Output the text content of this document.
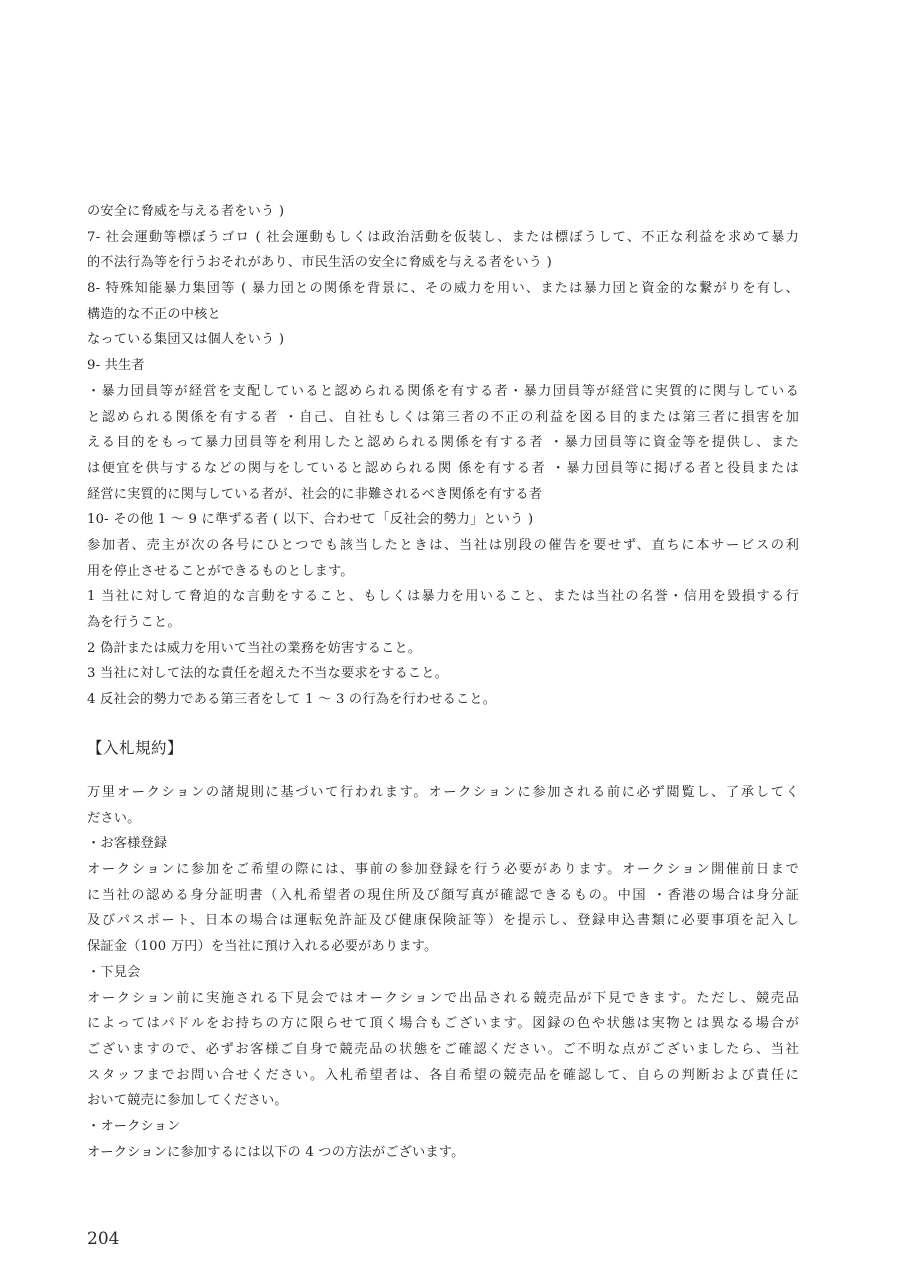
の安全に脅威を与える者をいう )
7- 社会運動等標ぼうゴロ ( 社会運動もしくは政治活動を仮装し、または標ぼうして、不正な利益を求めて暴力
的不法行為等を行うおそれがあり、市民生活の安全に脅威を与える者をいう )
8- 特殊知能暴力集団等 ( 暴力団との関係を背景に、その威力を用い、または暴力団と資金的な繋がりを有し、
構造的な不正の中核と
なっている集団又は個人をいう )
9- 共生者
・暴力団員等が経営を支配していると認められる関係を有する者・暴力団員等が経営に実質的に関与している
と認められる関係を有する者 ・自己、自社もしくは第三者の不正の利益を図る目的または第三者に損害を加
える目的をもって暴力団員等を利用したと認められる関係を有する者 ・暴力団員等に資金等を提供し、また
は便宜を供与するなどの関与をしていると認められる関 係を有する者 ・暴力団員等に掲げる者と役員または
経営に実質的に関与している者が、社会的に非難されるべき関係を有する者
10- その他 1 ～ 9 に準ずる者 ( 以下、合わせて「反社会的勢力」という )
参加者、売主が次の各号にひとつでも該当したときは、当社は別段の催告を要せず、直ちに本サービスの利
用を停止させることができるものとします。
1 当社に対して脅迫的な言動をすること、もしくは暴力を用いること、または当社の名誉・信用を毀損する行
為を行うこと。
2 偽計または威力を用いて当社の業務を妨害すること。
3 当社に対して法的な責任を超えた不当な要求をすること。
4 反社会的勢力である第三者をして 1 ～ 3 の行為を行わせること。
【入札規約】
万里オークションの諸規則に基づいて行われます。オークションに参加される前に必ず閲覧し、了承してく
ださい。
・お客様登録
オークションに参加をご希望の際には、事前の参加登録を行う必要があります。オークション開催前日まで
に当社の認める身分証明書（入札希望者の現住所及び顔写真が確認できるもの。中国 ・香港の場合は身分証
及びパスポート、日本の場合は運転免許証及び健康保険証等）を提示し、登録申込書類に必要事項を記入し
保証金（100 万円）を当社に預け入れる必要があります。
・下見会
オークション前に実施される下見会ではオークションで出品される競売品が下見できます。ただし、競売品
によってはパドルをお持ちの方に限らせて頂く場合もございます。図録の色や状態は実物とは異なる場合が
ございますので、必ずお客様ご自身で競売品の状態をご確認ください。ご不明な点がございましたら、当社
スタッフまでお問い合せください。入札希望者は、各自希望の競売品を確認して、自らの判断および責任に
おいて競売に参加してください。
・オークション
オークションに参加するには以下の 4 つの方法がございます。
204
